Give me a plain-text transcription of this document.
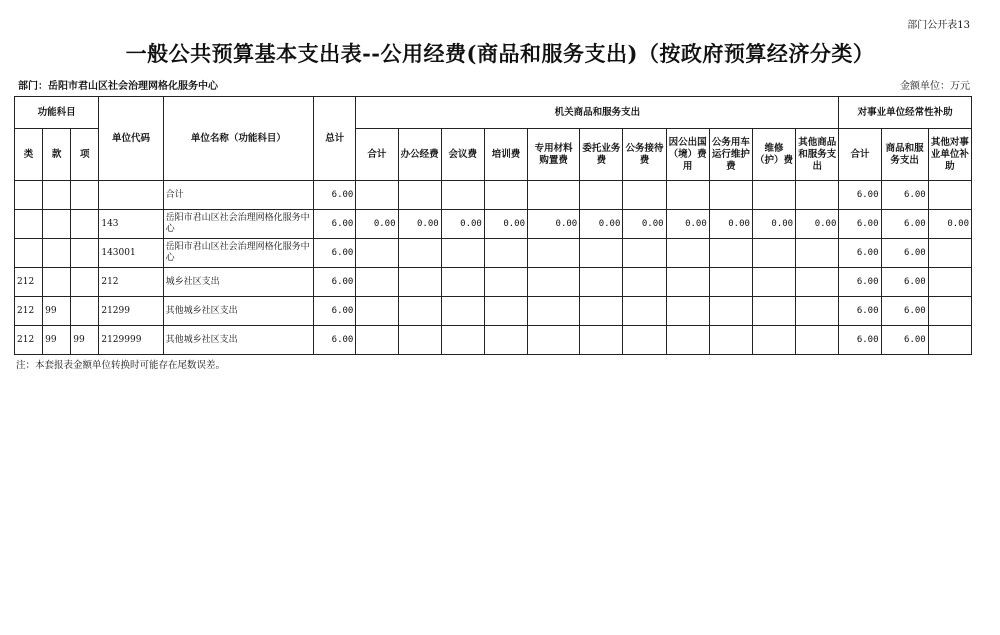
部门公开表13
一般公共预算基本支出表--公用经费(商品和服务支出)（按政府预算经济分类）
部门：岳阳市君山区社会治理网格化服务中心	金额单位：万元
功能科目			单位代码	单位名称（功能科目）	总计	机关商品和服务支出											对事业单位经常性补助		
类	款	项				合计	办公经费	会议费	培训费	专用材料购置费	委托业务费	公务接待费	因公出国（境）费用	公务用车运行维护费	维修（护）费	其他商品和服务支出	合计	商品和服务支出	其他对事业单位补助
				合计	6.00												6.00	6.00	
			143	岳阳市君山区社会治理网格化服务中心	6.00	0.00	0.00	0.00	0.00	0.00	0.00	0.00	0.00	0.00	0.00	0.00	6.00	6.00	0.00
			143001	岳阳市君山区社会治理网格化服务中心	6.00												6.00	6.00	
212			212	城乡社区支出	6.00												6.00	6.00	
212	99		21299	其他城乡社区支出	6.00												6.00	6.00	
212	99	99	2129999	其他城乡社区支出	6.00												6.00	6.00	
注：本套报表金额单位转换时可能存在尾数误差。
